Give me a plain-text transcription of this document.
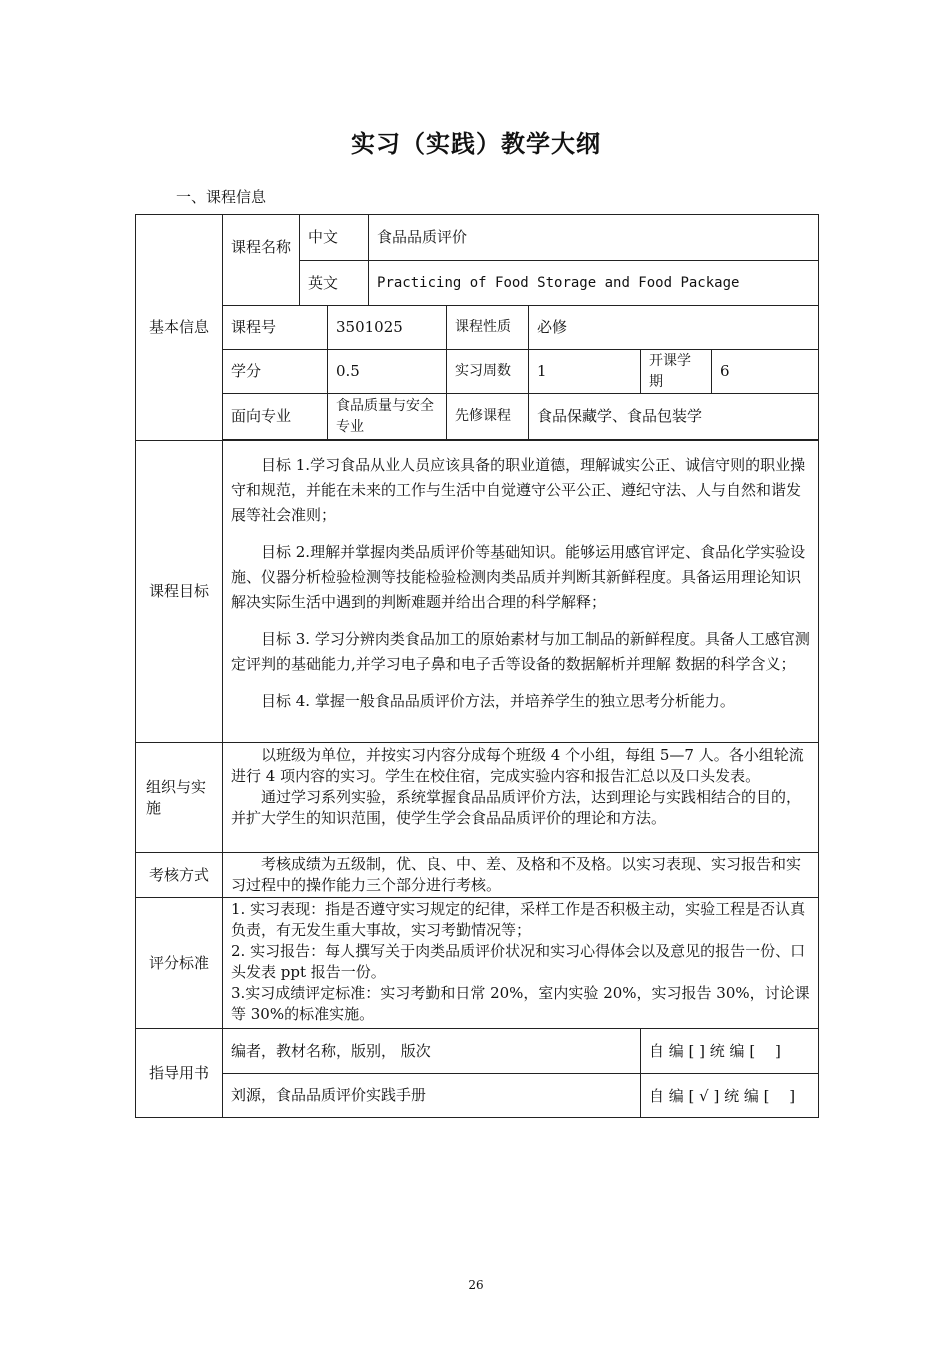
实习（实践）教学大纲
一、课程信息
基本信息	课程名称	中文		食品品质评价				
		英文		Practicing of Food Storage and Food Package				
	课程号		3501025		课程性质	必修		
	学分		0.5		实习周数	1	开课学期	6
	面向专业		食品质量与安全专业		先修课程	食品保藏学、食品包装学		

课程目标	目标 1.学习食品从业人员应该具备的职业道德，理解诚实公正、诚信守则的职业操守和规范，并能在未来的工作与生活中自觉遵守公平公正、遵纪守法、人与自然和谐发展等社会准则；

目标 2.理解并掌握肉类品质评价等基础知识。能够运用感官评定、食品化学实验设施、仪器分析检验检测等技能检验检测肉类品质并判断其新鲜程度。具备运用理论知识解决实际生活中遇到的判断难题并给出合理的科学解释；

目标 3. 学习分辨肉类食品加工的原始素材与加工制品的新鲜程度。具备人工感官测定评判的基础能力,并学习电子鼻和电子舌等设备的数据解析并理解 数据的科学含义；

目标 4. 掌握一般食品品质评价方法，并培养学生的独立思考分析能力。							

组织与实施	以班级为单位，并按实习内容分成每个班级 4 个小组，每组 5—7 人。各小组轮流进行 4 项内容的实习。学生在校住宿，完成实验内容和报告汇总以及口头发表。

通过学习系列实验，系统掌握食品品质评价方法，达到理论与实践相结合的目的，并扩大学生的知识范围，使学生学会食品品质评价的理论和方法。							

考核方式	考核成绩为五级制，优、良、中、差、及格和不及格。以实习表现、实习报告和实习过程中的操作能力三个部分进行考核。							

评分标准	1. 实习表现：指是否遵守实习规定的纪律，采样工作是否积极主动，实验工程是否认真负责，有无发生重大事故，实习考勤情况等；

2. 实习报告：每人撰写关于肉类品质评价状况和实习心得体会以及意见的报告一份、口头发表 ppt 报告一份。

3.实习成绩评定标准：实习考勤和日常 20%，室内实验 20%，实习报告 30%，讨论课等 30%的标准实施。							

指导用书	编者，教材名称，版别， 版次						自 编 [ ] 统 编 [　 ]	
	刘源，食品品质评价实践手册						自 编 [ √ ] 统 编 [　 ]	
26
